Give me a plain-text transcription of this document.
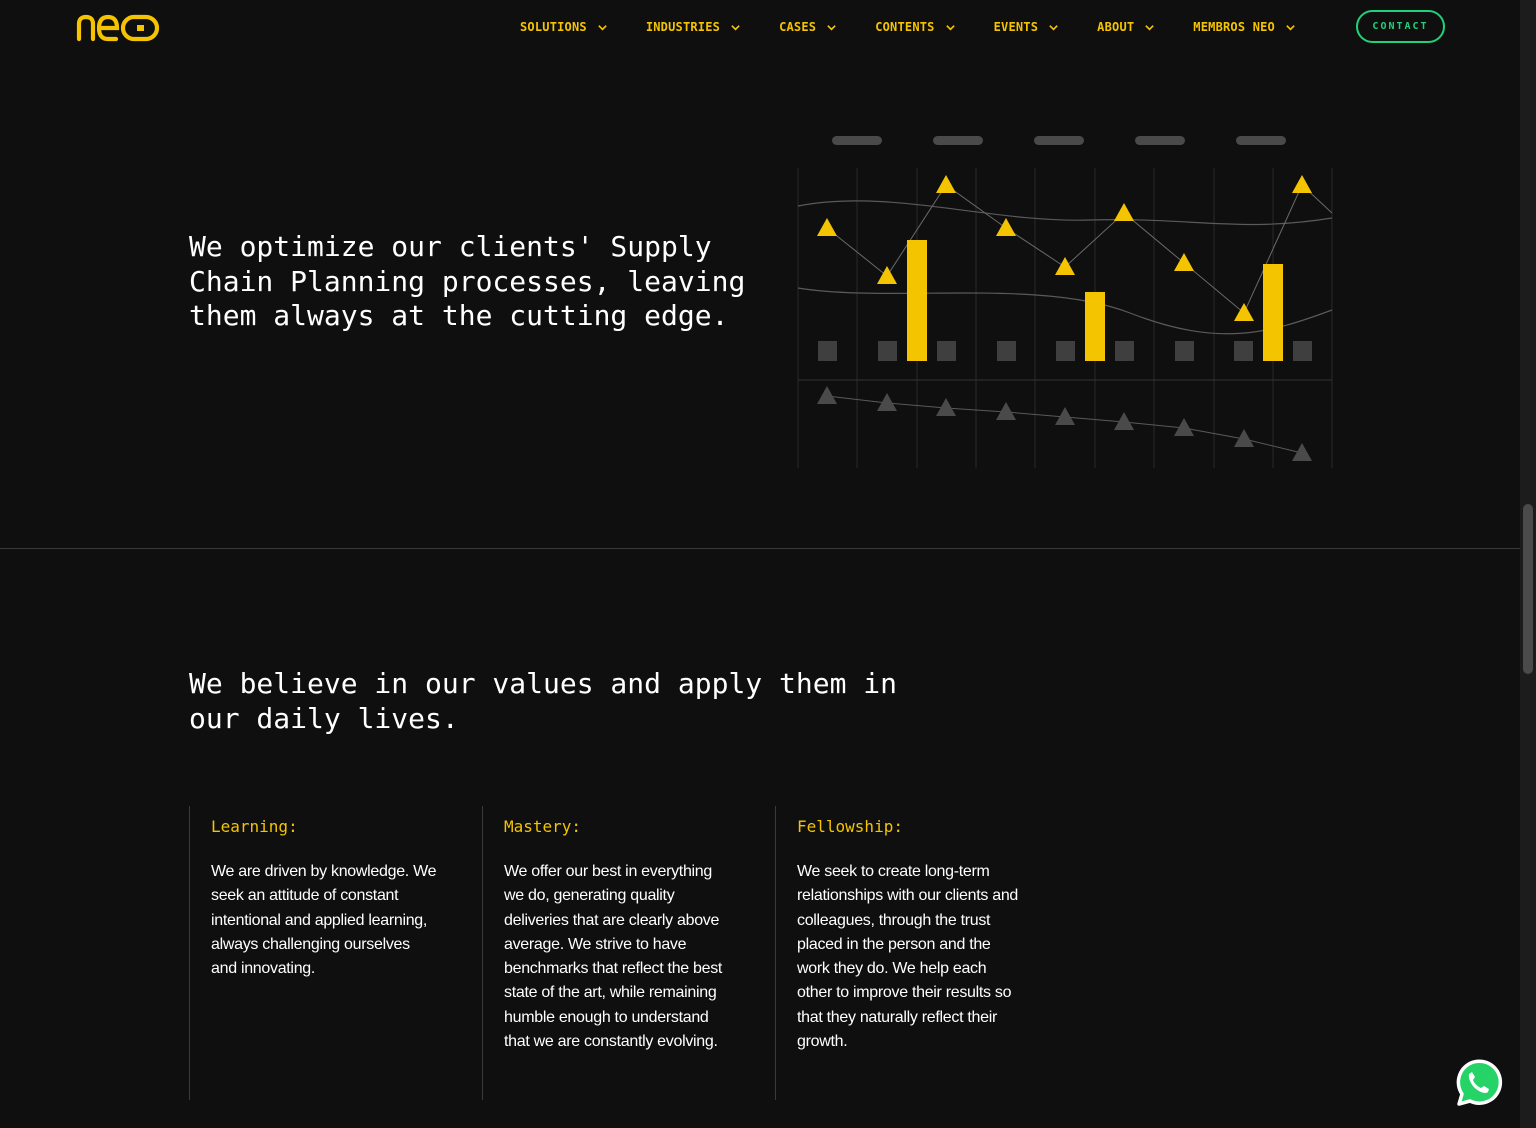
SOLUTIONS	INDUSTRIES	CASES	CONTENTS	EVENTS	ABOUT	MEMBROS NEO	CONTACT
We optimize our clients' Supply Chain Planning processes, leaving them always at the cutting edge.
We believe in our values and apply them in our daily lives.
Learning:

We are driven by knowledge. We seek an attitude of constant intentional and applied learning, always challenging ourselves and innovating.

Mastery:

We offer our best in everything we do, generating quality deliveries that are clearly above average. We strive to have benchmarks that reflect the best state of the art, while remaining humble enough to understand that we are constantly evolving.

Fellowship:

We seek to create long-term relationships with our clients and colleagues, through the trust placed in the person and the work they do. We help each other to improve their results so that they naturally reflect their growth.
